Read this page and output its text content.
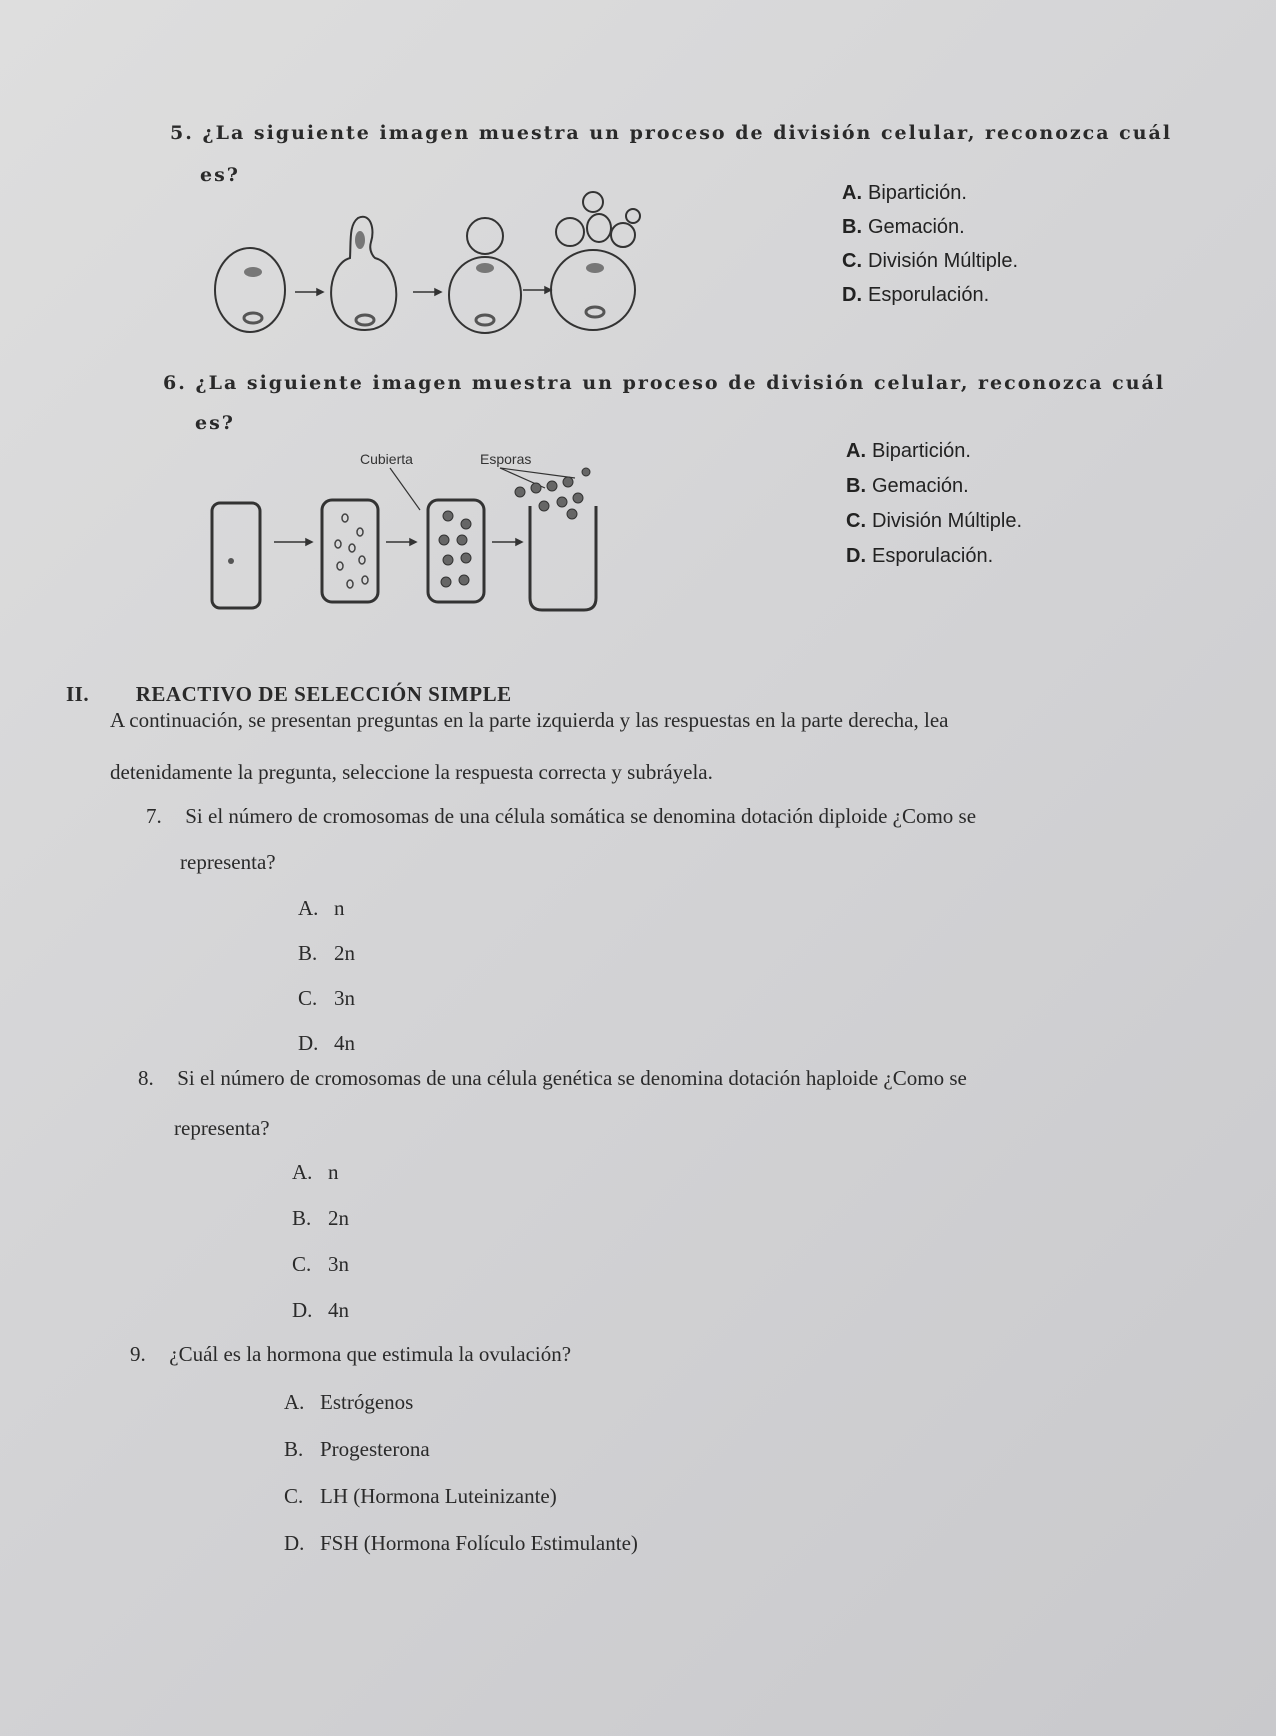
5. ¿La siguiente imagen muestra un proceso de división celular, reconozca cuál
es?
A. Bipartición.
B. Gemación.
C. División Múltiple.
D. Esporulación.
6. ¿La siguiente imagen muestra un proceso de división celular, reconozca cuál
es?
Cubierta	Esporas	A. Bipartición.
B. Gemación.
C. División Múltiple.
D. Esporulación.
II. REACTIVO DE SELECCIÓN SIMPLE
A continuación, se presentan preguntas en la parte izquierda y las respuestas en la parte derecha, lea
detenidamente la pregunta, seleccione la respuesta correcta y subráyela.
7. Si el número de cromosomas de una célula somática se denomina dotación diploide ¿Como se
representa?
A. n
B. 2n
C. 3n
D. 4n
8. Si el número de cromosomas de una célula genética se denomina dotación haploide ¿Como se
representa?
A. n
B. 2n
C. 3n
D. 4n
9. ¿Cuál es la hormona que estimula la ovulación?
A. Estrógenos
B. Progesterona
C. LH (Hormona Luteinizante)
D. FSH (Hormona Folículo Estimulante)
